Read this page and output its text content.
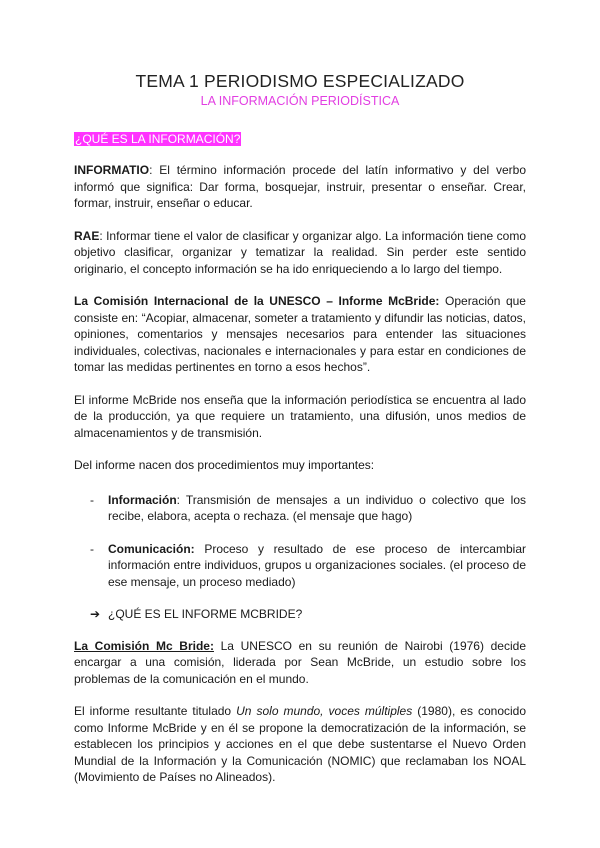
TEMA 1 PERIODISMO ESPECIALIZADO
LA INFORMACIÓN PERIODÍSTICA
¿QUÉ ES LA INFORMACIÓN?

INFORMATIO: El término información procede del latín informativo y del verbo informó que significa: Dar forma, bosquejar, instruir, presentar o enseñar. Crear, formar, instruir, enseñar o educar.

RAE: Informar tiene el valor de clasificar y organizar algo. La información tiene como objetivo clasificar, organizar y tematizar la realidad. Sin perder este sentido originario, el concepto información se ha ido enriqueciendo a lo largo del tiempo.

La Comisión Internacional de la UNESCO – Informe McBride: Operación que consiste en: “Acopiar, almacenar, someter a tratamiento y difundir las noticias, datos, opiniones, comentarios y mensajes necesarios para entender las situaciones individuales, colectivas, nacionales e internacionales y para estar en condiciones de tomar las medidas pertinentes en torno a esos hechos”.

El informe McBride nos enseña que la información periodística se encuentra al lado de la producción, ya que requiere un tratamiento, una difusión, unos medios de almacenamientos y de transmisión.

Del informe nacen dos procedimientos muy importantes:

- Información: Transmisión de mensajes a un individuo o colectivo que los recibe, elabora, acepta o rechaza. (el mensaje que hago)
- Comunicación: Proceso y resultado de ese proceso de intercambiar información entre individuos, grupos u organizaciones sociales. (el proceso de ese mensaje, un proceso mediado)
➔ ¿QUÉ ES EL INFORME MCBRIDE?

La Comisión Mc Bride: La UNESCO en su reunión de Nairobi (1976) decide encargar a una comisión, liderada por Sean McBride, un estudio sobre los problemas de la comunicación en el mundo.

El informe resultante titulado Un solo mundo, voces múltiples (1980), es conocido como Informe McBride y en él se propone la democratización de la información, se establecen los principios y acciones en el que debe sustentarse el Nuevo Orden Mundial de la Información y la Comunicación (NOMIC) que reclamaban los NOAL (Movimiento de Países no Alineados).
